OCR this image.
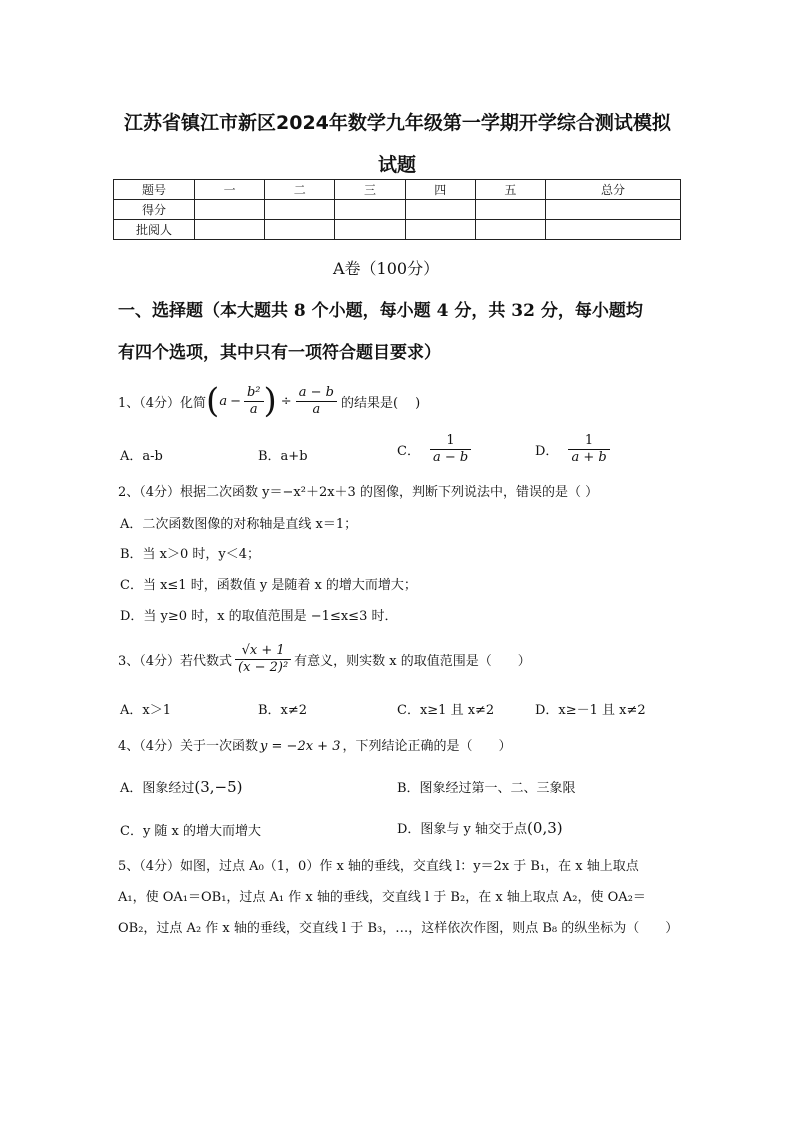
江苏省镇江市新区2024年数学九年级第一学期开学综合测试模拟
试题
题号	一	二	三	四	五	总分
得分						
批阅人						
A卷（100分）
一、选择题（本大题共 8 个小题，每小题 4 分，共 32 分，每小题均
有四个选项，其中只有一项符合题目要求）
1、（4分）化简 ( $a - \frac{\text{b²}}{a}$ ) ÷ $\frac{a - b}{a}$ 的结果是(　 )
A．a-b	B．a+b	C． $\frac{1}{a - b}$	D． $\frac{1}{a + b}$
2、（4分）根据二次函数 y＝−x²＋2x＋3 的图像，判断下列说法中，错误的是（ ）
A．二次函数图像的对称轴是直线 x＝1；
B．当 x＞0 时，y＜4；
C．当 x≤1 时，函数值 y 是随着 x 的增大而增大；
D．当 y≥0 时，x 的取值范围是 −1≤x≤3 时．
3、（4分）若代数式 $\frac{√x + 1}{\text{(x − 2)²}}$ 有意义，则实数 x 的取值范围是（　　）
A．x＞1	B．x≠2	C．x≥1 且 x≠2	D．x≥－1 且 x≠2
4、（4分）关于一次函数 y = −2x + 3 ，下列结论正确的是（　　）
A．图象经过(3,−5)	B．图象经过第一、二、三象限
C．y 随 x 的增大而增大	D．图象与 y 轴交于点(0,3)
5、（4分）如图，过点 A₀（1，0）作 x 轴的垂线，交直线 l：y＝2x 于 B₁，在 x 轴上取点
A₁，使 OA₁＝OB₁，过点 A₁ 作 x 轴的垂线，交直线 l 于 B₂，在 x 轴上取点 A₂，使 OA₂＝
OB₂，过点 A₂ 作 x 轴的垂线，交直线 l 于 B₃，…，这样依次作图，则点 B₈ 的纵坐标为（　　）
